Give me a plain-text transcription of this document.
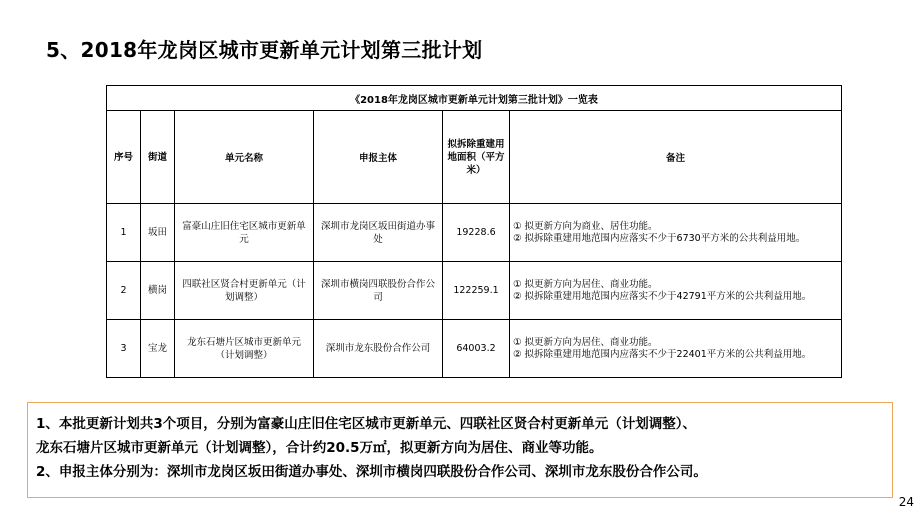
5、2018年龙岗区城市更新单元计划第三批计划
《2018年龙岗区城市更新单元计划第三批计划》一览表					
序号	街道	单元名称	申报主体	拟拆除重建用地面积（平方米）	备注
1	坂田	富豪山庄旧住宅区城市更新单元	深圳市龙岗区坂田街道办事处	19228.6	① 拟更新方向为商业、居住功能。
② 拟拆除重建用地范围内应落实不少于6730平方米的公共利益用地。

2	横岗	四联社区贤合村更新单元（计划调整）	深圳市横岗四联股份合作公司	122259.1	① 拟更新方向为居住、商业功能。
② 拟拆除重建用地范围内应落实不少于42791平方米的公共利益用地。

3	宝龙	龙东石塘片区城市更新单元（计划调整）	深圳市龙东股份合作公司	64003.2	① 拟更新方向为居住、商业功能。
② 拟拆除重建用地范围内应落实不少于22401平方米的公共利益用地。
1、本批更新计划共3个项目，分别为富豪山庄旧住宅区城市更新单元、四联社区贤合村更新单元（计划调整）、
龙东石塘片区城市更新单元（计划调整），合计约20.5万㎡，拟更新方向为居住、商业等功能。
2、申报主体分别为：深圳市龙岗区坂田街道办事处、深圳市横岗四联股份合作公司、深圳市龙东股份合作公司。
24
